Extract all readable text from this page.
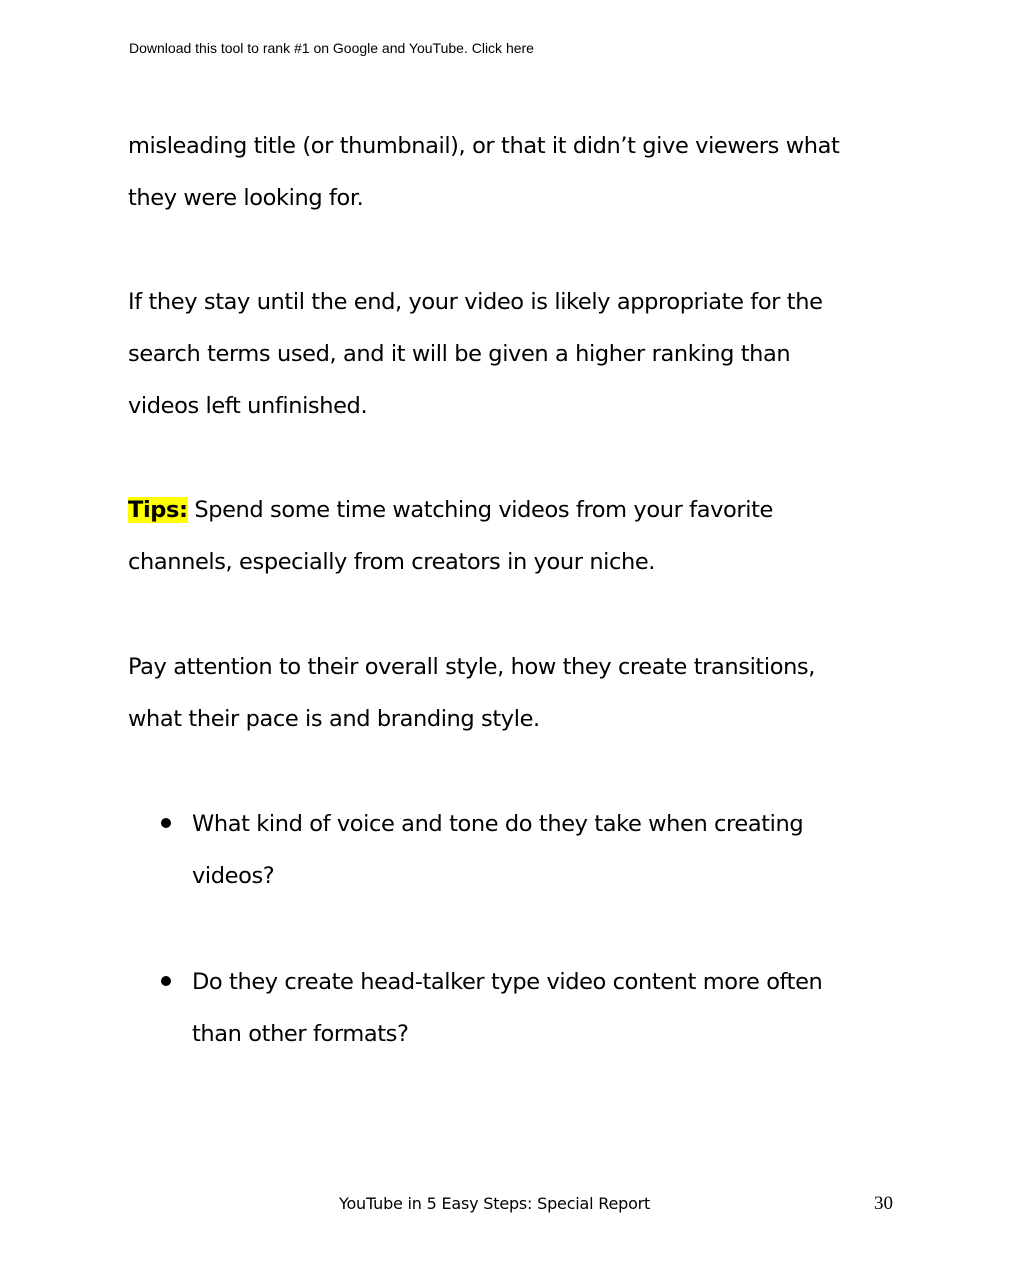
Download this tool to rank #1 on Google and YouTube. Click here
misleading title (or thumbnail), or that it didn’t give viewers what
they were looking for.
If they stay until the end, your video is likely appropriate for the
search terms used, and it will be given a higher ranking than
videos left unfinished.
Tips: Spend some time watching videos from your favorite
channels, especially from creators in your niche.
Pay attention to their overall style, how they create transitions,
what their pace is and branding style.
What kind of voice and tone do they take when creating
videos?
Do they create head-talker type video content more often
than other formats?
YouTube in 5 Easy Steps: Special Report	30
